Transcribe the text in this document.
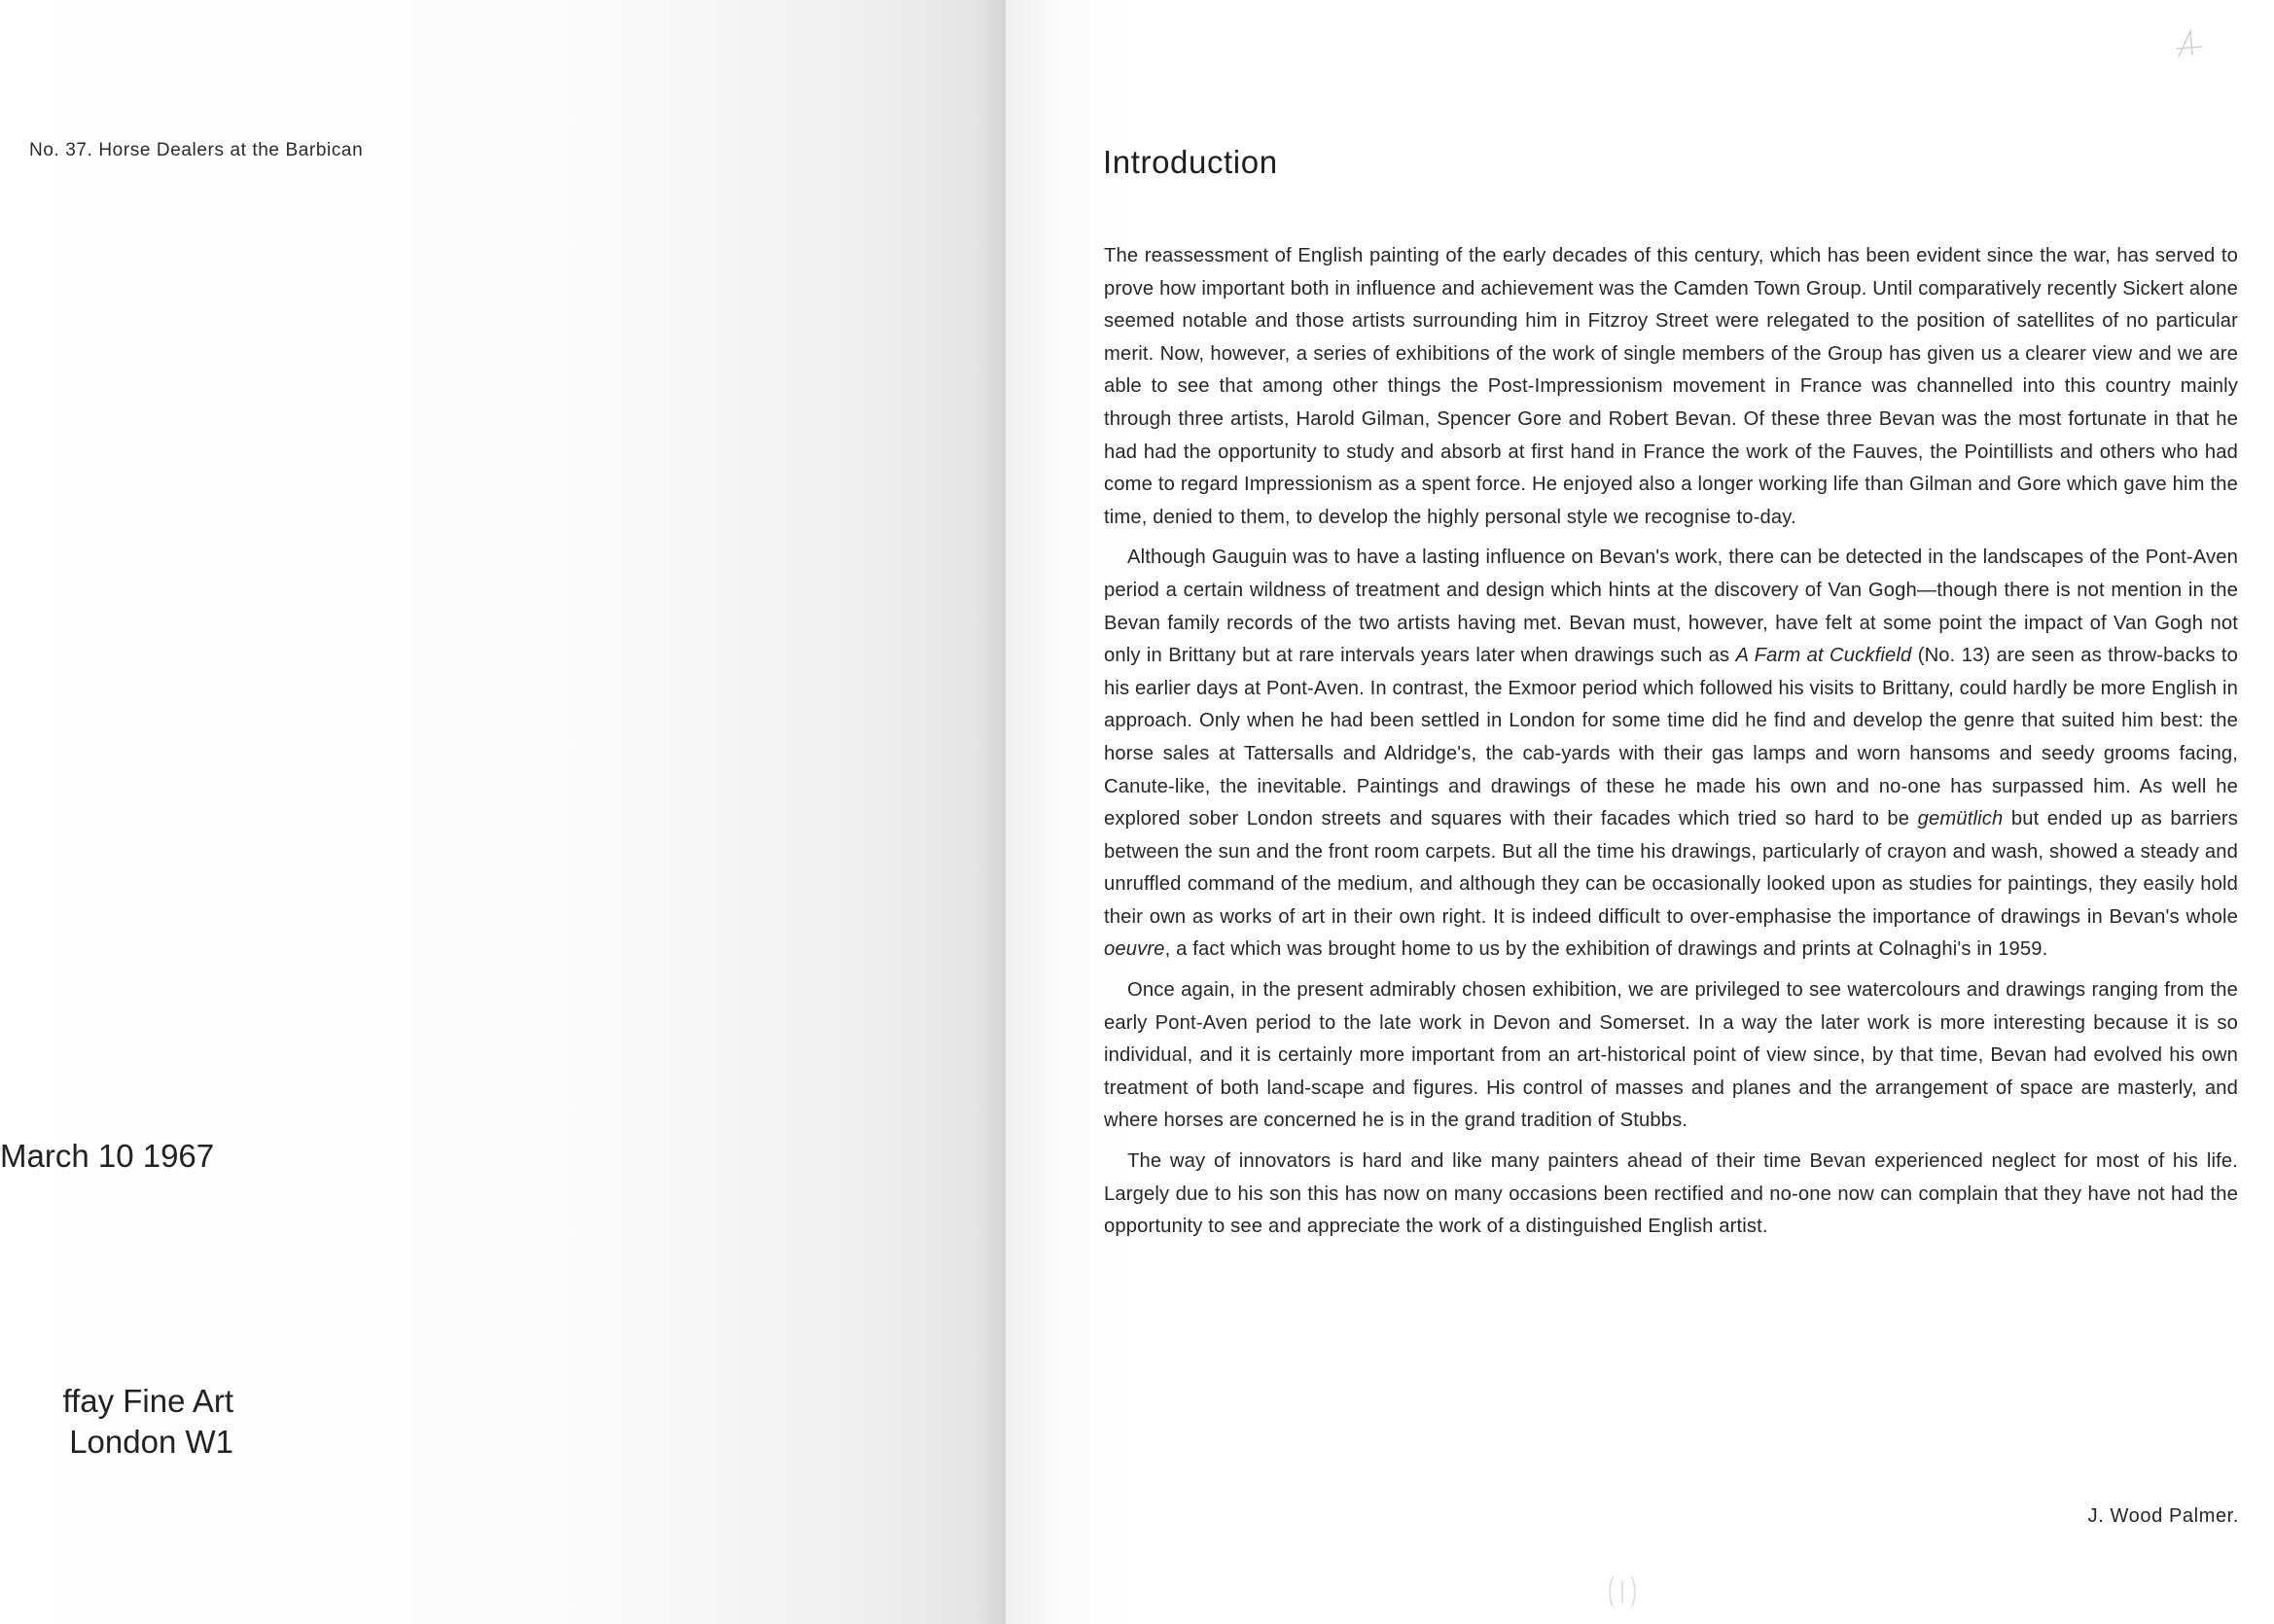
No. 37. Horse Dealers at the Barbican
March 10 1967
ffay Fine Art
London W1
Introduction

The reassessment of English painting of the early decades of this century, which has been evident since the war, has served to prove how important both in influence and achievement was the Camden Town Group. Until comparatively recently Sickert alone seemed notable and those artists surrounding him in Fitzroy Street were relegated to the position of satellites of no particular merit. Now, however, a series of exhibitions of the work of single members of the Group has given us a clearer view and we are able to see that among other things the Post-Impressionism movement in France was channelled into this country mainly through three artists, Harold Gilman, Spencer Gore and Robert Bevan. Of these three Bevan was the most fortunate in that he had had the opportunity to study and absorb at first hand in France the work of the Fauves, the Pointillists and others who had come to regard Impressionism as a spent force. He enjoyed also a longer working life than Gilman and Gore which gave him the time, denied to them, to develop the highly personal style we recognise to-day.

Although Gauguin was to have a lasting influence on Bevan's work, there can be detected in the landscapes of the Pont-Aven period a certain wildness of treatment and design which hints at the discovery of Van Gogh—though there is not mention in the Bevan family records of the two artists having met. Bevan must, however, have felt at some point the impact of Van Gogh not only in Brittany but at rare intervals years later when drawings such as A Farm at Cuckfield (No. 13) are seen as throw-backs to his earlier days at Pont-Aven. In contrast, the Exmoor period which followed his visits to Brittany, could hardly be more English in approach. Only when he had been settled in London for some time did he find and develop the genre that suited him best: the horse sales at Tattersalls and Aldridge's, the cab-yards with their gas lamps and worn hansoms and seedy grooms facing, Canute-like, the inevitable. Paintings and drawings of these he made his own and no-one has surpassed him. As well he explored sober London streets and squares with their facades which tried so hard to be gemütlich but ended up as barriers between the sun and the front room carpets. But all the time his drawings, particularly of crayon and wash, showed a steady and unruffled command of the medium, and although they can be occasionally looked upon as studies for paintings, they easily hold their own as works of art in their own right. It is indeed difficult to over-emphasise the importance of drawings in Bevan's whole oeuvre, a fact which was brought home to us by the exhibition of drawings and prints at Colnaghi's in 1959.

Once again, in the present admirably chosen exhibition, we are privileged to see watercolours and drawings ranging from the early Pont-Aven period to the late work in Devon and Somerset. In a way the later work is more interesting because it is so individual, and it is certainly more important from an art-historical point of view since, by that time, Bevan had evolved his own treatment of both land-scape and figures. His control of masses and planes and the arrangement of space are masterly, and where horses are concerned he is in the grand tradition of Stubbs.

The way of innovators is hard and like many painters ahead of their time Bevan experienced neglect for most of his life. Largely due to his son this has now on many occasions been rectified and no-one now can complain that they have not had the opportunity to see and appreciate the work of a distinguished English artist.

J. Wood Palmer.
